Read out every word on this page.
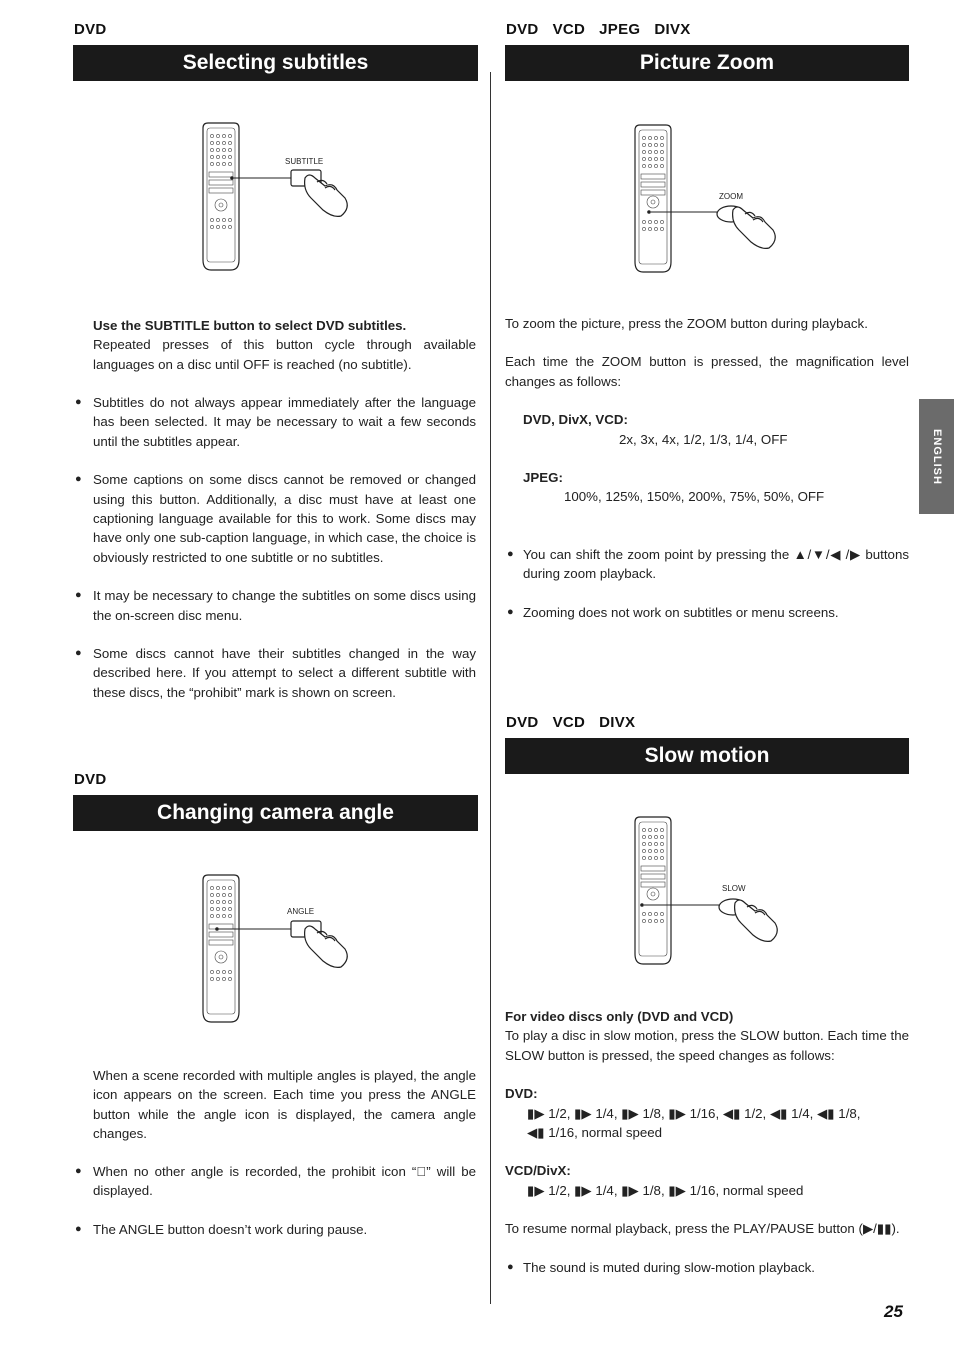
DVD
Selecting subtitles
SUBTITLE
Use the SUBTITLE button to select DVD subtitles.
Repeated presses of this button cycle through available languages on a disc until OFF is reached (no subtitle).
● Subtitles do not always appear immediately after the language has been selected. It may be necessary to wait a few seconds until the subtitles appear.
● Some captions on some discs cannot be removed or changed using this button. Additionally, a disc must have at least one captioning language available for this to work. Some discs may have only one sub-caption language, in which case, the choice is obviously restricted to one subtitle or no subtitles.
● It may be necessary to change the subtitles on some discs using the on-screen disc menu.
● Some discs cannot have their subtitles changed in the way described here. If you attempt to select a different subtitle with these discs, the “prohibit” mark is shown on screen.
DVD
Changing camera angle
ANGLE
When a scene recorded with multiple angles is played, the angle icon appears on the screen. Each time you press the ANGLE button while the angle icon is displayed, the camera angle changes.
● When no other angle is recorded, the prohibit icon “⃠” will be displayed.
● The ANGLE button doesn’t work during pause.
DVD VCD JPEG DIVX
Picture Zoom
ZOOM
To zoom the picture, press the ZOOM button during playback.
Each time the ZOOM button is pressed, the magnification level changes as follows:
DVD, DivX, VCD:
2x, 3x, 4x, 1/2, 1/3, 1/4, OFF
JPEG:
100%, 125%, 150%, 200%, 75%, 50%, OFF
● You can shift the zoom point by pressing the ▲/▼/◀ /▶ buttons during zoom playback.
● Zooming does not work on subtitles or menu screens.
DVD VCD DIVX
Slow motion
SLOW
For video discs only (DVD and VCD)
To play a disc in slow motion, press the SLOW button. Each time the SLOW button is pressed, the speed changes as follows:
DVD:
▮▶ 1/2, ▮▶ 1/4, ▮▶ 1/8, ▮▶ 1/16, ◀▮ 1/2, ◀▮ 1/4, ◀▮ 1/8,
◀▮ 1/16, normal speed
VCD/DivX:
▮▶ 1/2, ▮▶ 1/4, ▮▶ 1/8, ▮▶ 1/16, normal speed
To resume normal playback, press the PLAY/PAUSE button (▶/▮▮).
● The sound is muted during slow-motion playback.
ENGLISH
25
